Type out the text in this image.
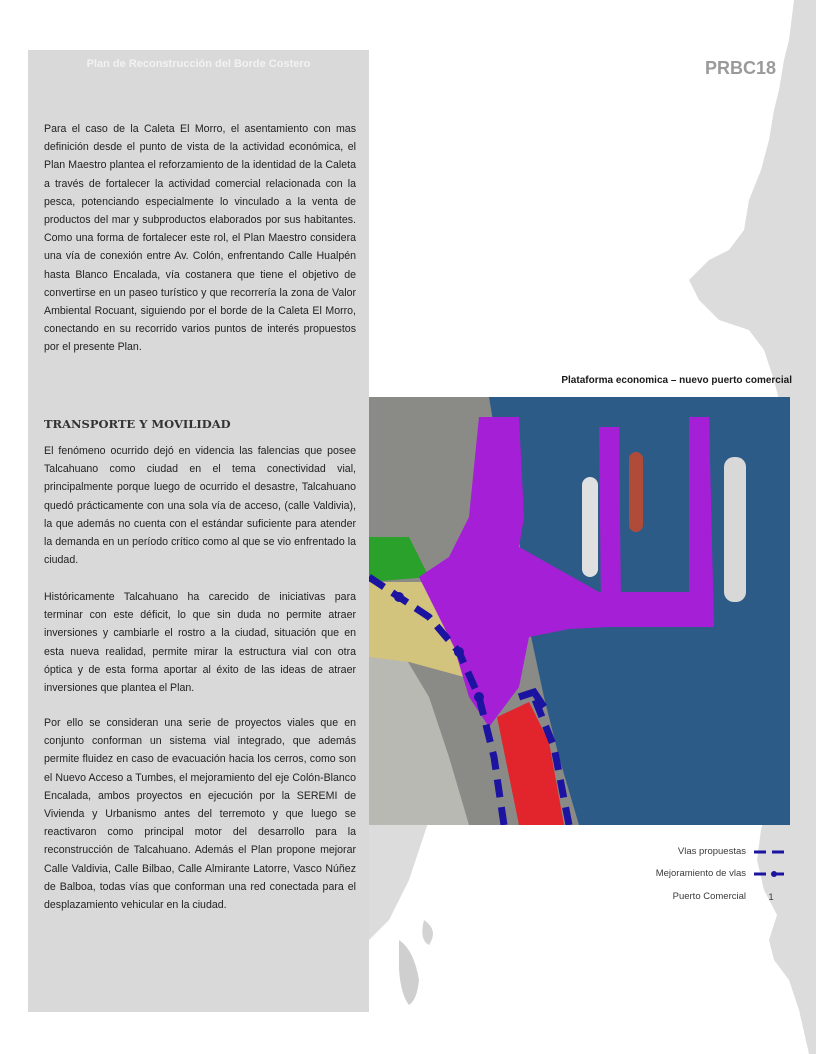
PRBC18
Plan de Reconstrucción del Borde Costero

Para el caso de la Caleta El Morro, el asentamiento con mas definición desde el punto de vista de la actividad económica, el Plan Maestro plantea el reforzamiento de la identidad de la Caleta a través de fortalecer la actividad comercial relacionada con la pesca, potenciando especialmente lo vinculado a la venta de productos del mar y subproductos elaborados por sus habitantes. Como una forma de fortalecer este rol, el Plan Maestro considera una vía de conexión entre Av. Colón, enfrentando Calle Hualpén hasta Blanco Encalada, vía costanera que tiene el objetivo de convertirse en un paseo turístico y que recorrería la zona de Valor Ambiental Rocuant, siguiendo por el borde de la Caleta El Morro, conectando en su recorrido varios puntos de interés propuestos por el presente Plan.

TRANSPORTE Y MOVILIDAD

El fenómeno ocurrido dejó en videncia las falencias que posee Talcahuano como ciudad en el tema conectividad vial, principalmente porque luego de ocurrido el desastre, Talcahuano quedó prácticamente con una sola vía de acceso, (calle Valdivia), la que además no cuenta con el estándar suficiente para atender la demanda en un período crítico como al que se vio enfrentado la ciudad.

Históricamente Talcahuano ha carecido de iniciativas para terminar con este déficit, lo que sin duda no permite atraer inversiones y cambiarle el rostro a la ciudad, situación que en esta nueva realidad, permite mirar la estructura vial con otra óptica y de esta forma aportar al éxito de las ideas de atraer inversiones que plantea el Plan.

Por ello se consideran una serie de proyectos viales que en conjunto conforman un sistema vial integrado, que además permite fluidez en caso de evacuación hacia los cerros, como son el Nuevo Acceso a Tumbes, el mejoramiento del eje Colón-Blanco Encalada, ambos proyectos en ejecución por la SEREMI de Vivienda y Urbanismo antes del terremoto y que luego se reactivaron como principal motor del desarrollo para la reconstrucción de Talcahuano. Además el Plan propone mejorar Calle Valdivia, Calle Bilbao, Calle Almirante Latorre, Vasco Núñez de Balboa, todas vías que conforman una red conectada para el desplazamiento vehicular en la ciudad.

Plataforma economica – nuevo puerto comercial
Vlas propuestas
Mejoramiento de vlas
Puerto Comercial	1
22
